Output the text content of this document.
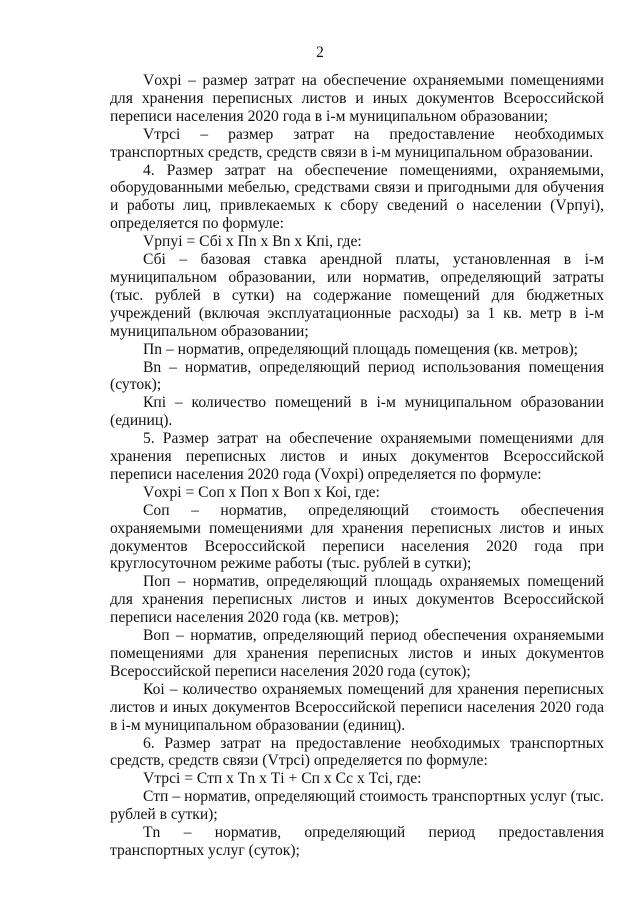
2

Vохрi – размер затрат на обеспечение охраняемыми помещениями для хранения переписных листов и иных документов Всероссийской переписи населения 2020 года в i-м муниципальном образовании;

Vтрсi – размер затрат на предоставление необходимых транспортных средств, средств связи в i-м муниципальном образовании.

4. Размер затрат на обеспечение помещениями, охраняемыми, оборудованными мебелью, средствами связи и пригодными для обучения и работы лиц, привлекаемых к сбору сведений о населении (Vрпуi), определяется по формуле:

Vрпуi = Сбi x Пn x Вn x Кпi, где:

Сбi – базовая ставка арендной платы, установленная в i-м муниципальном образовании, или норматив, определяющий затраты (тыс. рублей в сутки) на содержание помещений для бюджетных учреждений (включая эксплуатационные расходы) за 1 кв. метр в i-м муниципальном образовании;

Пn – норматив, определяющий площадь помещения (кв. метров);

Вn – норматив, определяющий период использования помещения (суток);

Кпi – количество помещений в i-м муниципальном образовании (единиц).

5. Размер затрат на обеспечение охраняемыми помещениями для хранения переписных листов и иных документов Всероссийской переписи населения 2020 года (Vохрi) определяется по формуле:

Vохрi = Соп x Поп x Воп x Коi, где:

Соп – норматив, определяющий стоимость обеспечения охраняемыми помещениями для хранения переписных листов и иных документов Всероссийской переписи населения 2020 года при круглосуточном режиме работы (тыс. рублей в сутки);

Поп – норматив, определяющий площадь охраняемых помещений для хранения переписных листов и иных документов Всероссийской переписи населения 2020 года (кв. метров);

Воп – норматив, определяющий период обеспечения охраняемыми помещениями для хранения переписных листов и иных документов Всероссийской переписи населения 2020 года (суток);

Коi – количество охраняемых помещений для хранения переписных листов и иных документов Всероссийской переписи населения 2020 года в i-м муниципальном образовании (единиц).

6. Размер затрат на предоставление необходимых транспортных средств, средств связи (Vтрсi) определяется по формуле:

Vтрсi = Стп x Тn x Тi + Сп x Сс x Тсi, где:

Стп – норматив, определяющий стоимость транспортных услуг (тыс. рублей в сутки);

Тn – норматив, определяющий период предоставления транспортных услуг (суток);
